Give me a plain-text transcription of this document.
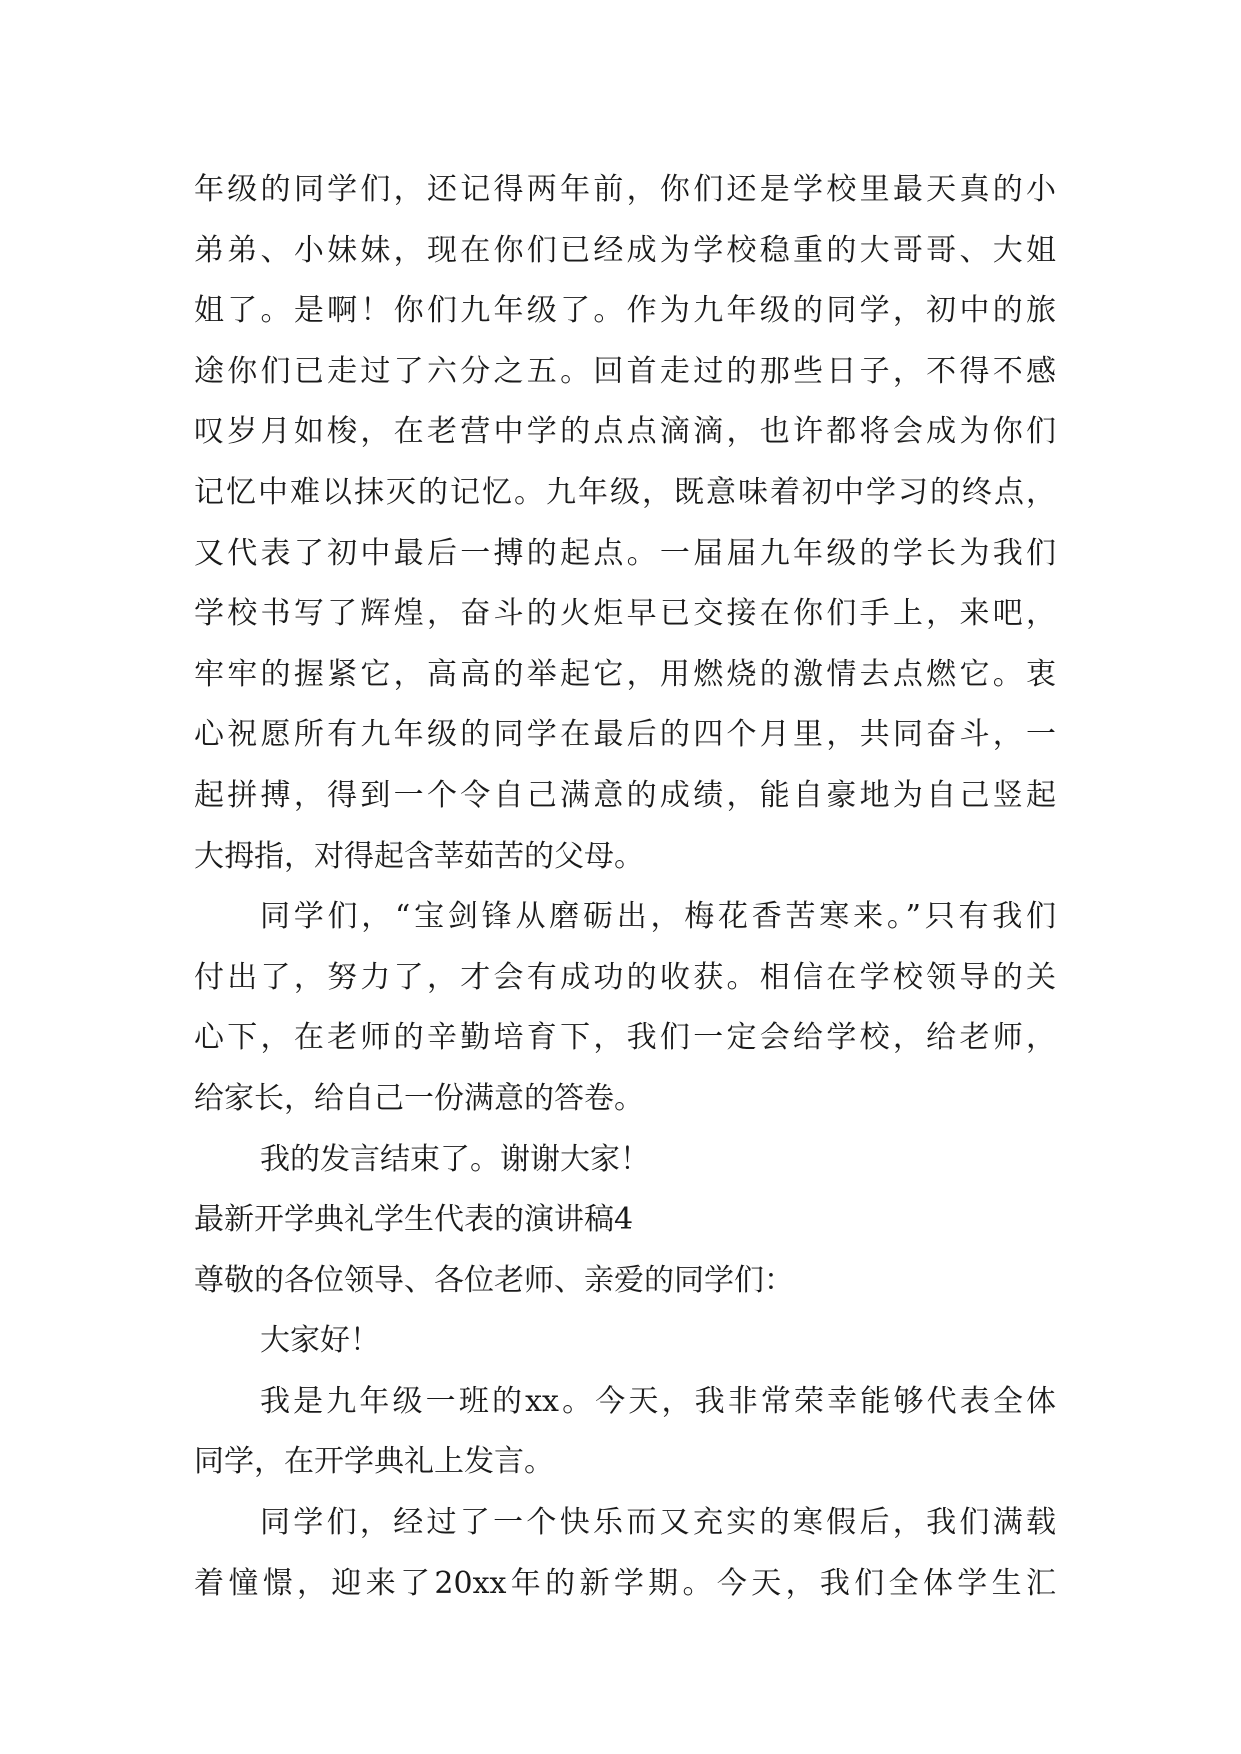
年级的同学们，还记得两年前，你们还是学校里最天真的小
弟弟、小妹妹，现在你们已经成为学校稳重的大哥哥、大姐
姐了。是啊！你们九年级了。作为九年级的同学，初中的旅
途你们已走过了六分之五。回首走过的那些日子，不得不感
叹岁月如梭，在老营中学的点点滴滴，也许都将会成为你们
记忆中难以抹灭的记忆。九年级，既意味着初中学习的终点，
又代表了初中最后一搏的起点。一届届九年级的学长为我们
学校书写了辉煌，奋斗的火炬早已交接在你们手上，来吧，
牢牢的握紧它，高高的举起它，用燃烧的激情去点燃它。衷
心祝愿所有九年级的同学在最后的四个月里，共同奋斗，一
起拼搏，得到一个令自己满意的成绩，能自豪地为自己竖起
大拇指，对得起含莘茹苦的父母。
同学们，“宝剑锋从磨砺出，梅花香苦寒来。”只有我们
付出了，努力了，才会有成功的收获。相信在学校领导的关
心下，在老师的辛勤培育下，我们一定会给学校，给老师，
给家长，给自己一份满意的答卷。
我的发言结束了。谢谢大家！
最新开学典礼学生代表的演讲稿4
尊敬的各位领导、各位老师、亲爱的同学们：
大家好！
我是九年级一班的xx。今天，我非常荣幸能够代表全体
同学，在开学典礼上发言。
同学们，经过了一个快乐而又充实的寒假后，我们满载
着憧憬，迎来了20xx年的新学期。今天，我们全体学生汇
